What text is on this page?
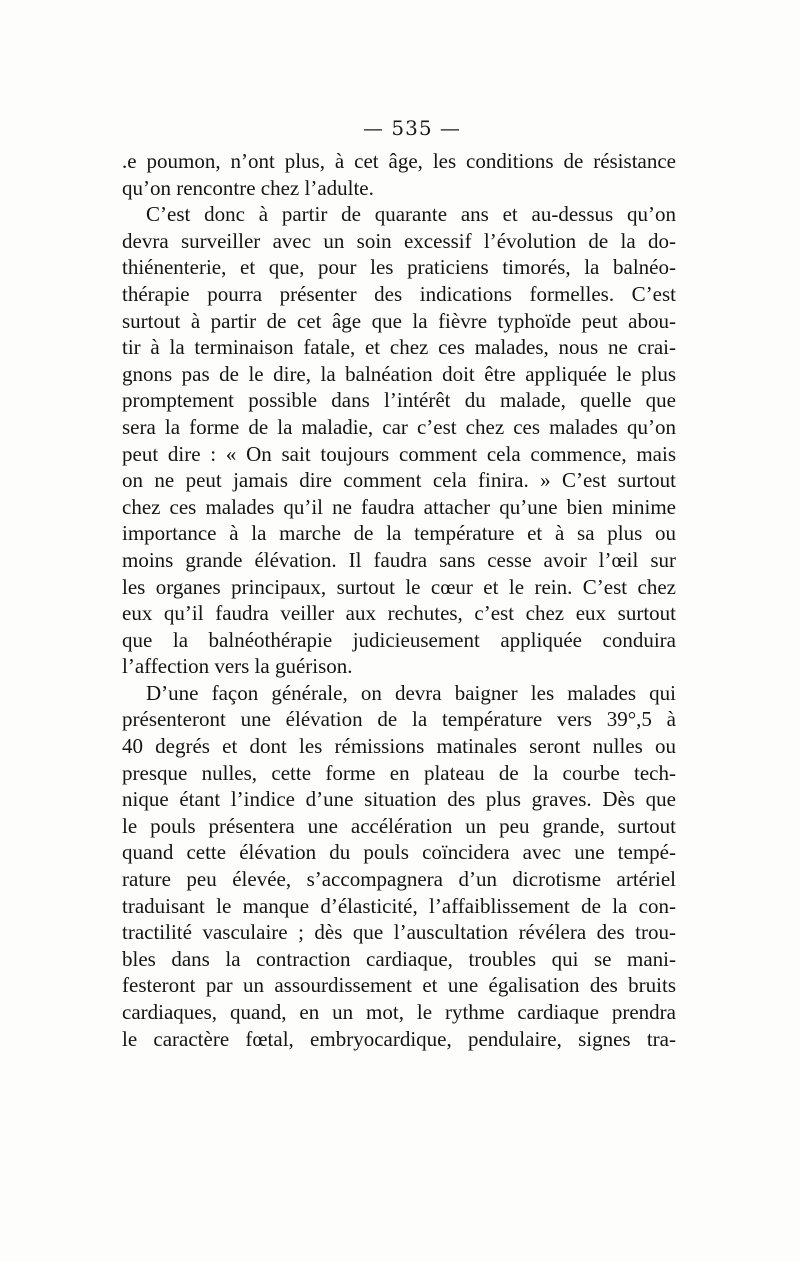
— 535 —
.e poumon, n’ont plus, à cet âge, les conditions de résistance
qu’on rencontre chez l’adulte.
C’est donc à partir de quarante ans et au-dessus qu’on
devra surveiller avec un soin excessif l’évolution de la do-
thiénenterie, et que, pour les praticiens timorés, la balnéo-
thérapie pourra présenter des indications formelles. C’est
surtout à partir de cet âge que la fièvre typhoïde peut abou-
tir à la terminaison fatale, et chez ces malades, nous ne crai-
gnons pas de le dire, la balnéation doit être appliquée le plus
promptement possible dans l’intérêt du malade, quelle que
sera la forme de la maladie, car c’est chez ces malades qu’on
peut dire : « On sait toujours comment cela commence, mais
on ne peut jamais dire comment cela finira. » C’est surtout
chez ces malades qu’il ne faudra attacher qu’une bien minime
importance à la marche de la température et à sa plus ou
moins grande élévation. Il faudra sans cesse avoir l’œil sur
les organes principaux, surtout le cœur et le rein. C’est chez
eux qu’il faudra veiller aux rechutes, c’est chez eux surtout
que la balnéothérapie judicieusement appliquée conduira
l’affection vers la guérison.
D’une façon générale, on devra baigner les malades qui
présenteront une élévation de la température vers 39°,5 à
40 degrés et dont les rémissions matinales seront nulles ou
presque nulles, cette forme en plateau de la courbe tech-
nique étant l’indice d’une situation des plus graves. Dès que
le pouls présentera une accélération un peu grande, surtout
quand cette élévation du pouls coïncidera avec une tempé-
rature peu élevée, s’accompagnera d’un dicrotisme artériel
traduisant le manque d’élasticité, l’affaiblissement de la con-
tractilité vasculaire ; dès que l’auscultation révélera des trou-
bles dans la contraction cardiaque, troubles qui se mani-
festeront par un assourdissement et une égalisation des bruits
cardiaques, quand, en un mot, le rythme cardiaque prendra
le caractère fœtal, embryocardique, pendulaire, signes tra-
